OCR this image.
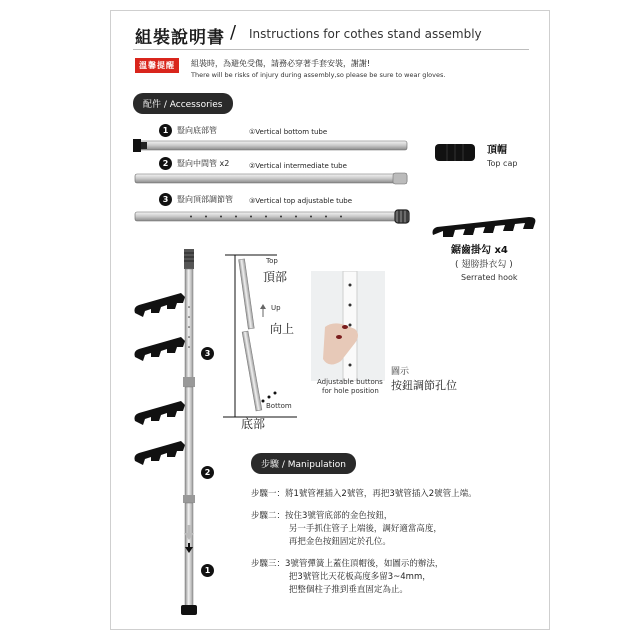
組裝說明書 / Instructions for cothes stand assembly
溫馨提醒	組裝時，為避免受傷，請務必穿著手套安裝，謝謝!
There will be risks of injury during assembly,so please be sure to wear gloves.
配件 / Accessories
1	豎向底部管	①Vertical bottom tube
2	豎向中間管 x2	②Vertical intermediate tube
3	豎向頂部調節管 ③Vertical top adjustable tube
頂帽
Top cap
鋸齒掛勾 x4
( 翅膀掛衣勾 )
Serrated hook
3
2
1
Top
頂部
Up
向上
Bottom
底部
Adjustable buttons
for hole position
圖示
按鈕調節孔位
步驟 / Manipulation
步驟一：將1號管裡插入2號管，再把3號管插入2號管上端。
步驟二：按住3號管底部的金色按鈕，
另一手抓住管子上端後，調好適當高度，
再把金色按鈕固定於孔位。
步驟三：3號管彈簧上蓋住頂帽後，如圖示的辦法，
把3號管比天花板高度多留3~4mm，
把整個柱子推到垂直固定為止。
